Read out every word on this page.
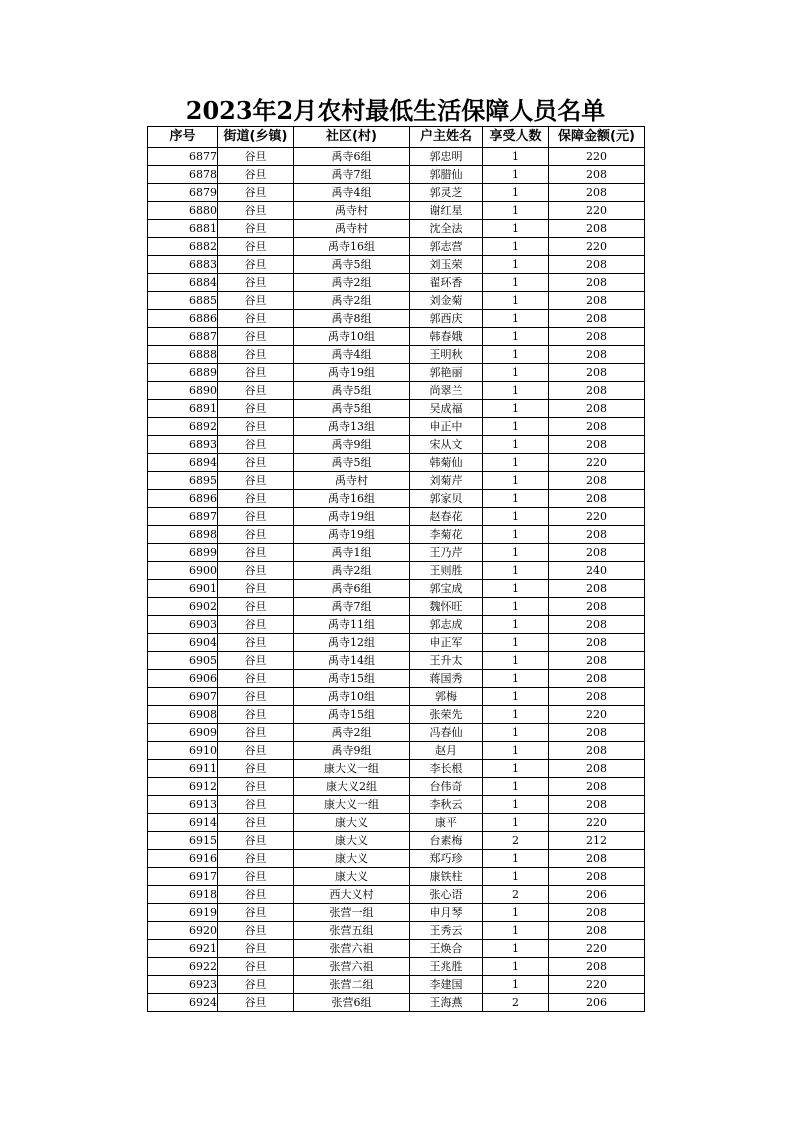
2023年2月农村最低生活保障人员名单
序号	街道(乡镇)	社区(村)	户主姓名	享受人数	保障金额(元)
6877	谷旦	禹寺6组	郭忠明	1	220
6878	谷旦	禹寺7组	郭腊仙	1	208
6879	谷旦	禹寺4组	郭灵芝	1	208
6880	谷旦	禹寺村	谢红星	1	220
6881	谷旦	禹寺村	沈全法	1	208
6882	谷旦	禹寺16组	郭志营	1	220
6883	谷旦	禹寺5组	刘玉荣	1	208
6884	谷旦	禹寺2组	翟环香	1	208
6885	谷旦	禹寺2组	刘金菊	1	208
6886	谷旦	禹寺8组	郭西庆	1	208
6887	谷旦	禹寺10组	韩春娥	1	208
6888	谷旦	禹寺4组	王明秋	1	208
6889	谷旦	禹寺19组	郭艳丽	1	208
6890	谷旦	禹寺5组	尚翠兰	1	208
6891	谷旦	禹寺5组	吴成福	1	208
6892	谷旦	禹寺13组	申正中	1	208
6893	谷旦	禹寺9组	宋从文	1	208
6894	谷旦	禹寺5组	韩菊仙	1	220
6895	谷旦	禹寺村	刘菊芹	1	208
6896	谷旦	禹寺16组	郭家贝	1	208
6897	谷旦	禹寺19组	赵春花	1	220
6898	谷旦	禹寺19组	李菊花	1	208
6899	谷旦	禹寺1组	王乃芹	1	208
6900	谷旦	禹寺2组	王则胜	1	240
6901	谷旦	禹寺6组	郭宝成	1	208
6902	谷旦	禹寺7组	魏怀旺	1	208
6903	谷旦	禹寺11组	郭志成	1	208
6904	谷旦	禹寺12组	申正军	1	208
6905	谷旦	禹寺14组	王升太	1	208
6906	谷旦	禹寺15组	蒋国秀	1	208
6907	谷旦	禹寺10组	郭梅	1	208
6908	谷旦	禹寺15组	张荣先	1	220
6909	谷旦	禹寺2组	冯春仙	1	208
6910	谷旦	禹寺9组	赵月	1	208
6911	谷旦	康大义一组	李长根	1	208
6912	谷旦	康大义2组	台伟奇	1	208
6913	谷旦	康大义一组	李秋云	1	208
6914	谷旦	康大义	康平	1	220
6915	谷旦	康大义	台素梅	2	212
6916	谷旦	康大义	郑巧珍	1	208
6917	谷旦	康大义	康铁柱	1	208
6918	谷旦	西大义村	张心语	2	206
6919	谷旦	张营一组	申月琴	1	208
6920	谷旦	张营五组	王秀云	1	208
6921	谷旦	张营六祖	王焕合	1	220
6922	谷旦	张营六祖	王兆胜	1	208
6923	谷旦	张营二组	李建国	1	220
6924	谷旦	张营6组	王海燕	2	206
